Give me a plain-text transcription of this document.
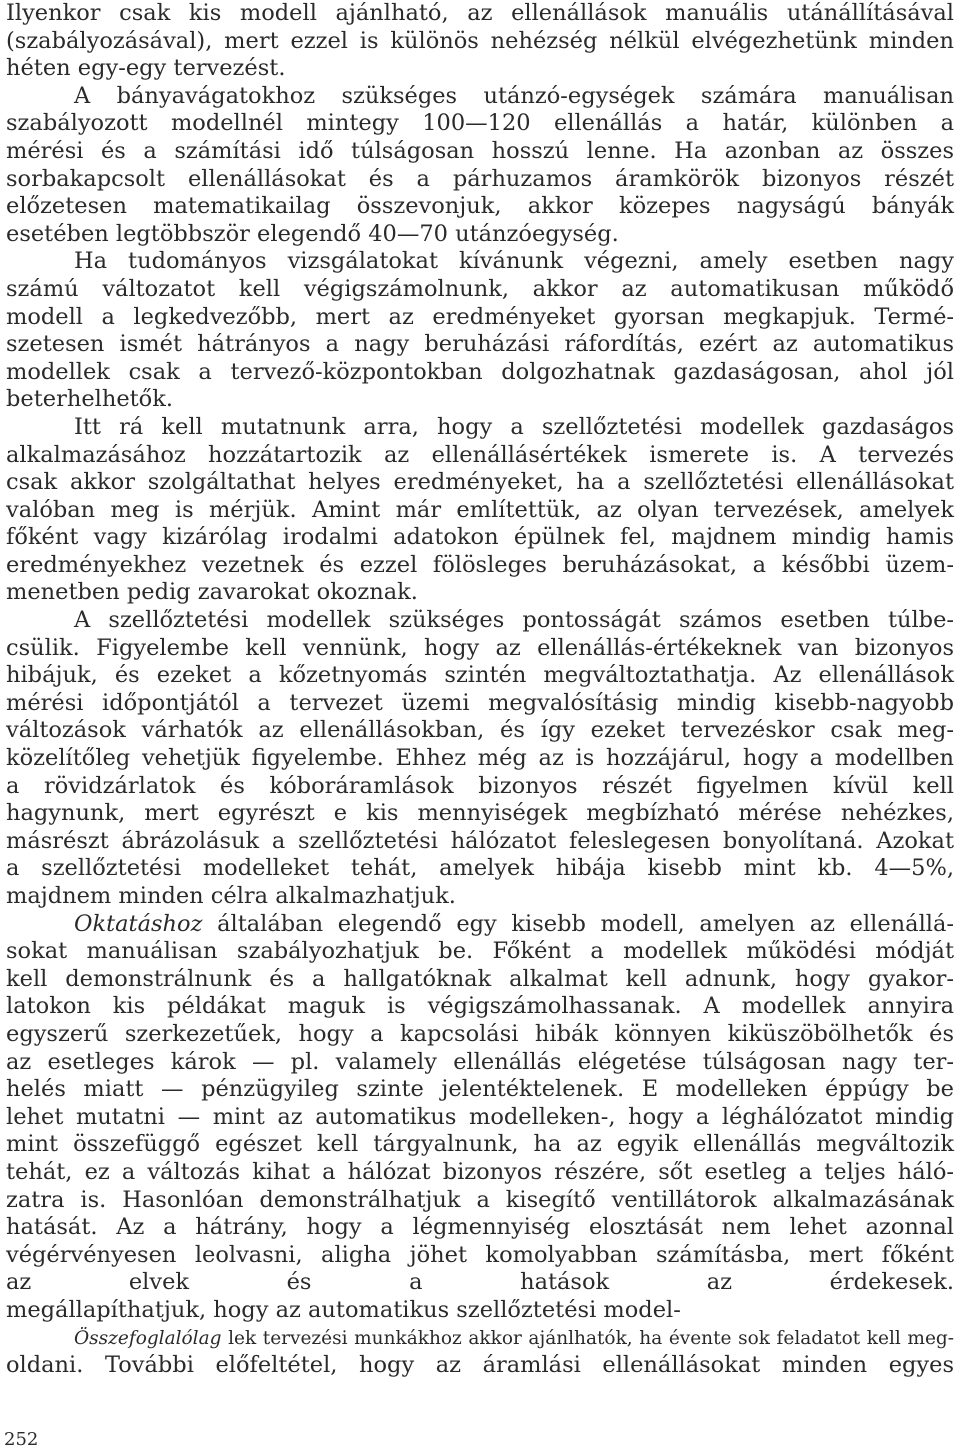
Ilyenkor csak kis modell ajánlható, az ellenállások manuális utánállításával
(szabályozásával), mert ezzel is különös nehézség nélkül elvégezhetünk minden
héten egy-egy tervezést.
A bányavágatokhoz szükséges utánzó-egységek számára manuálisan
szabályozott modellnél mintegy 100—120 ellenállás a határ, különben a
mérési és a számítási idő túlságosan hosszú lenne. Ha azonban az összes
sorbakapcsolt ellenállásokat és a párhuzamos áramkörök bizonyos részét
előzetesen matematikailag összevonjuk, akkor közepes nagyságú bányák
esetében legtöbbször elegendő 40—70 utánzóegység.
Ha tudományos vizsgálatokat kívánunk végezni, amely esetben nagy
számú változatot kell végigszámolnunk, akkor az automatikusan működő
modell a legkedvezőbb, mert az eredményeket gyorsan megkapjuk. Termé-
szetesen ismét hátrányos a nagy beruházási ráfordítás, ezért az automatikus
modellek csak a tervező-központokban dolgozhatnak gazdaságosan, ahol jól
beterhelhetők.
Itt rá kell mutatnunk arra, hogy a szellőztetési modellek gazdaságos
alkalmazásához hozzátartozik az ellenállásértékek ismerete is. A tervezés
csak akkor szolgáltathat helyes eredményeket, ha a szellőztetési ellenállásokat
valóban meg is mérjük. Amint már említettük, az olyan tervezések, amelyek
főként vagy kizárólag irodalmi adatokon épülnek fel, majdnem mindig hamis
eredményekhez vezetnek és ezzel fölösleges beruházásokat, a későbbi üzem-
menetben pedig zavarokat okoznak.
A szellőztetési modellek szükséges pontosságát számos esetben túlbe-
csülik. Figyelembe kell vennünk, hogy az ellenállás-értékeknek van bizonyos
hibájuk, és ezeket a kőzetnyomás szintén megváltoztathatja. Az ellenállások
mérési időpontjától a tervezet üzemi megvalósításig mindig kisebb-nagyobb
változások várhatók az ellenállásokban, és így ezeket tervezéskor csak meg-
közelítőleg vehetjük figyelembe. Ehhez még az is hozzájárul, hogy a modellben
a rövidzárlatok és kóboráramlások bizonyos részét figyelmen kívül kell
hagynunk, mert egyrészt e kis mennyiségek megbízható mérése nehézkes,
másrészt ábrázolásuk a szellőztetési hálózatot feleslegesen bonyolítaná. Azokat
a szellőztetési modelleket tehát, amelyek hibája kisebb mint kb. 4—5%,
majdnem minden célra alkalmazhatjuk.
Oktatáshoz általában elegendő egy kisebb modell, amelyen az ellenállá-
sokat manuálisan szabályozhatjuk be. Főként a modellek működési módját
kell demonstrálnunk és a hallgatóknak alkalmat kell adnunk, hogy gyakor-
latokon kis példákat maguk is végigszámolhassanak. A modellek annyira
egyszerű szerkezetűek, hogy a kapcsolási hibák könnyen kiküszöbölhetők és
az esetleges károk — pl. valamely ellenállás elégetése túlságosan nagy ter-
helés miatt — pénzügyileg szinte jelentéktelenek. E modelleken éppúgy be
lehet mutatni — mint az automatikus modelleken-, hogy a léghálózatot mindig
mint összefüggő egészet kell tárgyalnunk, ha az egyik ellenállás megváltozik
tehát, ez a változás kihat a hálózat bizonyos részére, sőt esetleg a teljes háló-
zatra is. Hasonlóan demonstrálhatjuk a kisegítő ventillátorok alkalmazásának
hatását. Az a hátrány, hogy a légmennyiség elosztását nem lehet azonnal
végérvényesen leolvasni, aligha jöhet komolyabban számításba, mert főként
az elvek és a hatások az érdekesek.
megállapíthatjuk, hogy az automatikus szellőztetési model-
Összefoglalólag lek tervezési munkákhoz akkor ajánlhatók, ha évente sok feladatot kell meg-
oldani. További előfeltétel, hogy az áramlási ellenállásokat minden egyes
252
